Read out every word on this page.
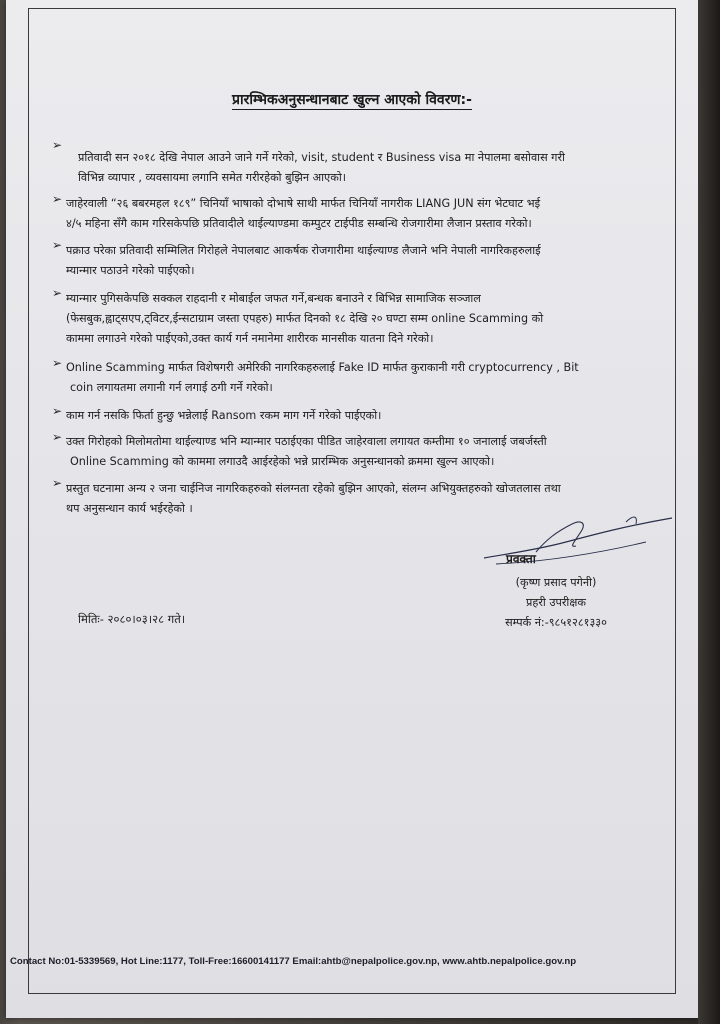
प्रारम्भिकअनुसन्धानबाट खुल्न आएको विवरण:-
➢
प्रतिवादी सन २०१८ देखि नेपाल आउने जाने गर्ने गरेको, visit, student र Business visa मा नेपालमा बसोवास गरी
विभिन्न व्यापार , व्यवसायमा लगानि समेत गरीरहेको बुझिन आएको।
➢ जाहेरवाली “२६ बबरमहल १८९” चिनियाँ भाषाको दोभाषे साथी मार्फत चिनियाँ नागरीक LIANG JUN संग भेटघाट भई
४/५ महिना सँगै काम गरिसकेपछि प्रतिवादीले थाईल्याण्डमा कम्पुटर टाईपीड सम्बन्धि रोजगारीमा लैजान प्रस्ताव गरेको।
➢ पक्राउ परेका प्रतिवादी सम्मिलित गिरोहले नेपालबाट आकर्षक रोजगारीमा थाईल्याण्ड लैजाने भनि नेपाली नागरिकहरुलाई
म्यान्मार पठाउने गरेको पाईएको।
➢ म्यान्मार पुगिसकेपछि सक्कल राहदानी र मोबाईल जफत गर्ने,बन्धक बनाउने र बिभिन्न सामाजिक सञ्जाल
(फेसबुक,ह्वाट्सएप,ट्विटर,ईन्सटाग्राम जस्ता एपहरु) मार्फत दिनको १८ देखि २० घण्टा सम्म online Scamming को
काममा लगाउने गरेको पाईएको,उक्त कार्य गर्न नमानेमा शारीरक मानसीक यातना दिने गरेको।
➢ Online Scamming मार्फत विशेषगरी अमेरिकी नागरिकहरुलाई Fake ID मार्फत कुराकानी गरी cryptocurrency , Bit
coin लगायतमा लगानी गर्न लगाई ठगी गर्ने गरेको।
➢ काम गर्न नसकि फिर्ता हुन्छु भन्नेलाई Ransom रकम माग गर्ने गरेको पाईएको।
➢ उक्त गिरोहको मिलोमतोमा थाईल्याण्ड भनि म्यान्मार पठाईएका पीडित जाहेरवाला लगायत कम्तीमा १० जनालाई जबर्जस्ती
Online Scamming को काममा लगाउदै आईरहेको भन्ने प्रारम्भिक अनुसन्धानको क्रममा खुल्न आएको।
➢ प्रस्तुत घटनामा अन्य २ जना चाईनिज नागरिकहरुको संलग्नता रहेको बुझिन आएको, संलग्न अभियुक्तहरुको खोजतलास तथा
थप अनुसन्धान कार्य भईरहेको ।
प्रवक्ता
(कृष्ण प्रसाद पगेनी)
प्रहरी उपरीक्षक
सम्पर्क नं:-९८५१२८१३३०
मितिः- २०८०।०३।२८ गते।
Contact No:01-5339569, Hot Line:1177, Toll-Free:16600141177 Email:ahtb@nepalpolice.gov.np, www.ahtb.nepalpolice.gov.np
